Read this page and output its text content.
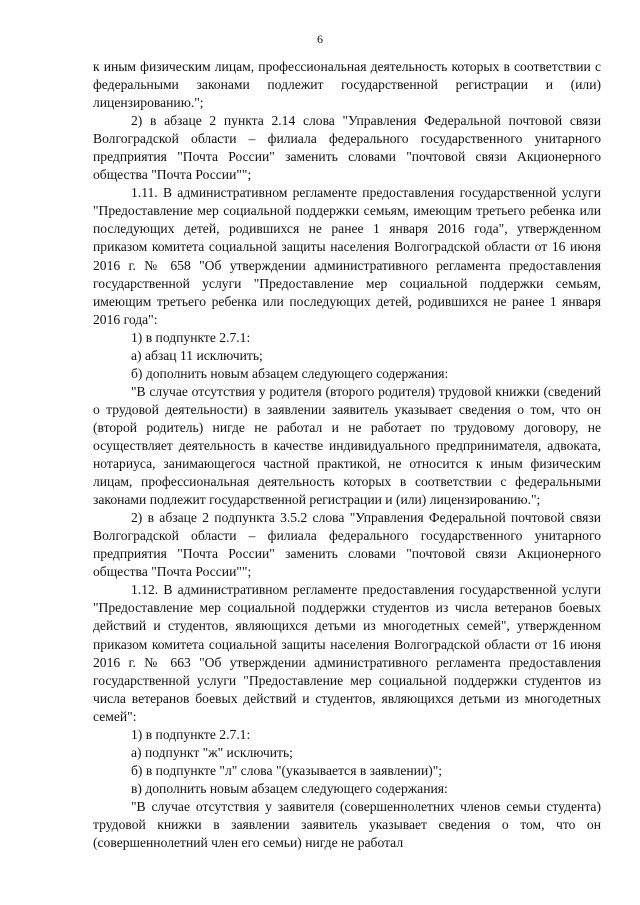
6

к иным физическим лицам, профессиональная деятельность которых в соответствии с федеральными законами подлежит государственной регистрации и (или) лицензированию.";

2) в абзаце 2 пункта 2.14 слова "Управления Федеральной почтовой связи Волгоградской области – филиала федерального государственного унитарного предприятия "Почта России" заменить словами "почтовой связи Акционерного общества "Почта России"";

1.11. В административном регламенте предоставления государственной услуги "Предоставление мер социальной поддержки семьям, имеющим третьего ребенка или последующих детей, родившихся не ранее 1 января 2016 года", утвержденном приказом комитета социальной защиты населения Волгоградской области от 16 июня 2016 г. № 658 "Об утверждении административного регламента предоставления государственной услуги "Предоставление мер социальной поддержки семьям, имеющим третьего ребенка или последующих детей, родившихся не ранее 1 января 2016 года":

1) в подпункте 2.7.1:

а) абзац 11 исключить;

б) дополнить новым абзацем следующего содержания:

"В случае отсутствия у родителя (второго родителя) трудовой книжки (сведений о трудовой деятельности) в заявлении заявитель указывает сведения о том, что он (второй родитель) нигде не работал и не работает по трудовому договору, не осуществляет деятельность в качестве индивидуального предпринимателя, адвоката, нотариуса, занимающегося частной практикой, не относится к иным физическим лицам, профессиональная деятельность которых в соответствии с федеральными законами подлежит государственной регистрации и (или) лицензированию.";

2) в абзаце 2 подпункта 3.5.2 слова "Управления Федеральной почтовой связи Волгоградской области – филиала федерального государственного унитарного предприятия "Почта России" заменить словами "почтовой связи Акционерного общества "Почта России"";

1.12. В административном регламенте предоставления государственной услуги "Предоставление мер социальной поддержки студентов из числа ветеранов боевых действий и студентов, являющихся детьми из многодетных семей", утвержденном приказом комитета социальной защиты населения Волгоградской области от 16 июня 2016 г. № 663 "Об утверждении административного регламента предоставления государственной услуги "Предоставление мер социальной поддержки студентов из числа ветеранов боевых действий и студентов, являющихся детьми из многодетных семей":

1) в подпункте 2.7.1:

а) подпункт "ж" исключить;

б) в подпункте "л" слова "(указывается в заявлении)";

в) дополнить новым абзацем следующего содержания:

"В случае отсутствия у заявителя (совершеннолетних членов семьи студента) трудовой книжки в заявлении заявитель указывает сведения о том, что он (совершеннолетний член его семьи) нигде не работал
